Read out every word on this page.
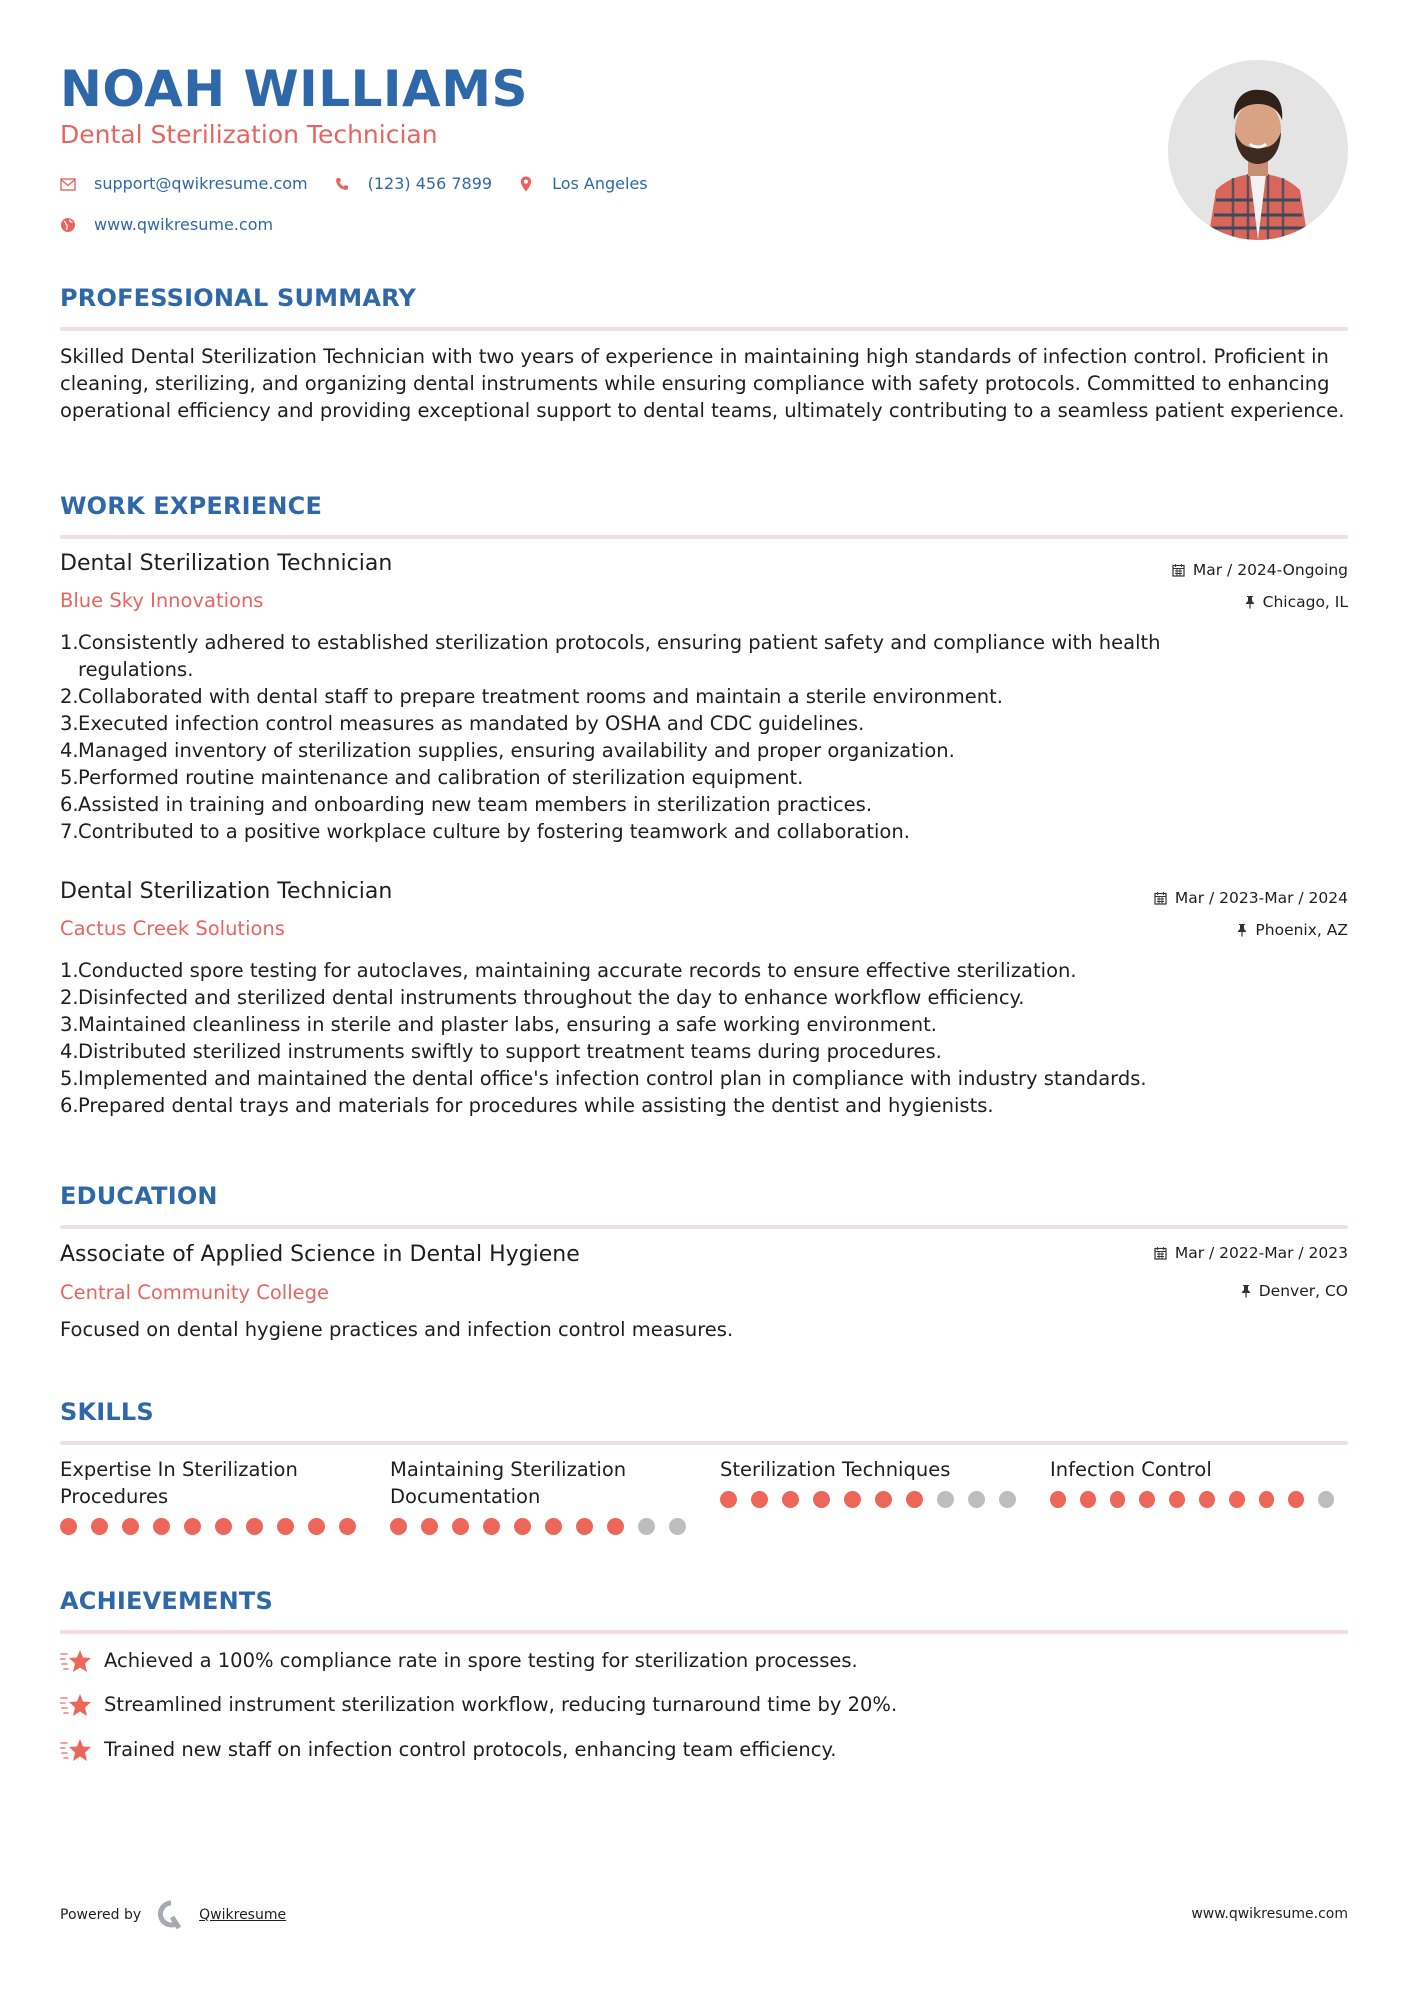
NOAH WILLIAMS
Dental Sterilization Technician
support@qwikresume.com	(123) 456 7899	Los Angeles
www.qwikresume.com
PROFESSIONAL SUMMARY
Skilled Dental Sterilization Technician with two years of experience in maintaining high standards of infection control. Proficient in cleaning, sterilizing, and organizing dental instruments while ensuring compliance with safety protocols. Committed to enhancing operational efficiency and providing exceptional support to dental teams, ultimately contributing to a seamless patient experience.
WORK EXPERIENCE
Dental Sterilization Technician	Mar / 2024-Ongoing
Blue Sky Innovations	Chicago, IL
1. Consistently adhered to established sterilization protocols, ensuring patient safety and compliance with health regulations.
2. Collaborated with dental staff to prepare treatment rooms and maintain a sterile environment.
3. Executed infection control measures as mandated by OSHA and CDC guidelines.
4. Managed inventory of sterilization supplies, ensuring availability and proper organization.
5. Performed routine maintenance and calibration of sterilization equipment.
6. Assisted in training and onboarding new team members in sterilization practices.
7. Contributed to a positive workplace culture by fostering teamwork and collaboration.
Dental Sterilization Technician	Mar / 2023-Mar / 2024
Cactus Creek Solutions	Phoenix, AZ
1. Conducted spore testing for autoclaves, maintaining accurate records to ensure effective sterilization.
2. Disinfected and sterilized dental instruments throughout the day to enhance workflow efficiency.
3. Maintained cleanliness in sterile and plaster labs, ensuring a safe working environment.
4. Distributed sterilized instruments swiftly to support treatment teams during procedures.
5. Implemented and maintained the dental office's infection control plan in compliance with industry standards.
6. Prepared dental trays and materials for procedures while assisting the dentist and hygienists.
EDUCATION
Associate of Applied Science in Dental Hygiene	Mar / 2022-Mar / 2023
Central Community College	Denver, CO
Focused on dental hygiene practices and infection control measures.
SKILLS
Expertise In Sterilization Procedures
Maintaining Sterilization Documentation
Sterilization Techniques	Infection Control
ACHIEVEMENTS
Achieved a 100% compliance rate in spore testing for sterilization processes.
Streamlined instrument sterilization workflow, reducing turnaround time by 20%.
Trained new staff on infection control protocols, enhancing team efficiency.
Powered by	Qwikresume	www.qwikresume.com
